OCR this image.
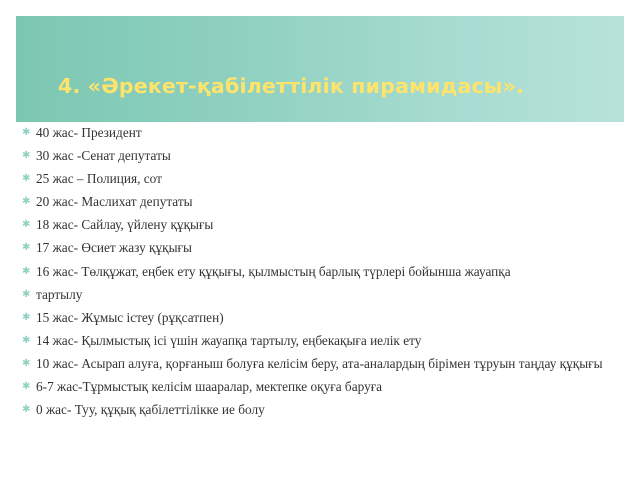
4. «Әрекет-қабілеттілік пирамидасы».
✱ 40 жас- Президент
✱ 30 жас -Сенат депутаты
✱ 25 жас – Полиция, сот
✱ 20 жас- Маслихат депутаты
✱ 18 жас- Сайлау, үйлену құқығы
✱ 17 жас- Өсиет жазу құқығы
✱ 16 жас- Төлқұжат, еңбек ету құқығы, қылмыстың барлық түрлері бойынша жауапқа
✱ тартылу
✱ 15 жас- Жұмыс істеу (рұқсатпен)
✱ 14 жас- Қылмыстық ісі үшін жауапқа тартылу, еңбекақыға иелік ету
✱ 10 жас- Асырап алуға, қорғаныш болуға келісім беру, ата-аналардың бірімен тұруын таңдау құқығы
✱ 6-7 жас-Тұрмыстық келісім шааралар, мектепке оқуға баруға
✱ 0 жас- Туу, құқық қабілеттілікке ие болу
